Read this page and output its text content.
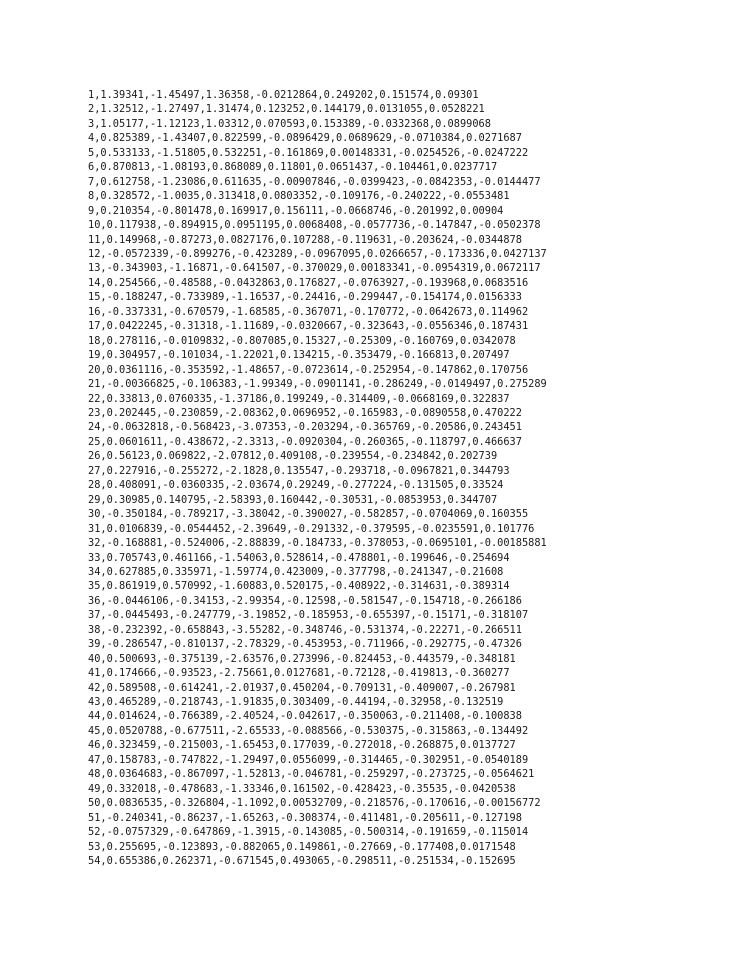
1,1.39341,-1.45497,1.36358,-0.0212864,0.249202,0.151574,0.09301
2,1.32512,-1.27497,1.31474,0.123252,0.144179,0.0131055,0.0528221
3,1.05177,-1.12123,1.03312,0.070593,0.153389,-0.0332368,0.0899068
4,0.825389,-1.43407,0.822599,-0.0896429,0.0689629,-0.0710384,0.0271687
5,0.533133,-1.51805,0.532251,-0.161869,0.00148331,-0.0254526,-0.0247222
6,0.870813,-1.08193,0.868089,0.11801,0.0651437,-0.104461,0.0237717
7,0.612758,-1.23086,0.611635,-0.00907846,-0.0399423,-0.0842353,-0.0144477
8,0.328572,-1.0035,0.313418,0.0803352,-0.109176,-0.240222,-0.0553481
9,0.210354,-0.801478,0.169917,0.156111,-0.0668746,-0.201992,0.00904
10,0.117938,-0.894915,0.0951195,0.0068408,-0.0577736,-0.147847,-0.0502378
11,0.149968,-0.87273,0.0827176,0.107288,-0.119631,-0.203624,-0.0344878
12,-0.0572339,-0.899276,-0.423289,-0.0967095,0.0266657,-0.173336,0.0427137
13,-0.343903,-1.16871,-0.641507,-0.370029,0.00183341,-0.0954319,0.0672117
14,0.254566,-0.48588,-0.0432863,0.176827,-0.0763927,-0.193968,0.0683516
15,-0.188247,-0.733989,-1.16537,-0.24416,-0.299447,-0.154174,0.0156333
16,-0.337331,-0.670579,-1.68585,-0.367071,-0.170772,-0.0642673,0.114962
17,0.0422245,-0.31318,-1.11689,-0.0320667,-0.323643,-0.0556346,0.187431
18,0.278116,-0.0109832,-0.807085,0.15327,-0.25309,-0.160769,0.0342078
19,0.304957,-0.101034,-1.22021,0.134215,-0.353479,-0.166813,0.207497
20,0.0361116,-0.353592,-1.48657,-0.0723614,-0.252954,-0.147862,0.170756
21,-0.00366825,-0.106383,-1.99349,-0.0901141,-0.286249,-0.0149497,0.275289
22,0.33813,0.0760335,-1.37186,0.199249,-0.314409,-0.0668169,0.322837
23,0.202445,-0.230859,-2.08362,0.0696952,-0.165983,-0.0890558,0.470222
24,-0.0632818,-0.568423,-3.07353,-0.203294,-0.365769,-0.20586,0.243451
25,0.0601611,-0.438672,-2.3313,-0.0920304,-0.260365,-0.118797,0.466637
26,0.56123,0.069822,-2.07812,0.409108,-0.239554,-0.234842,0.202739
27,0.227916,-0.255272,-2.1828,0.135547,-0.293718,-0.0967821,0.344793
28,0.408091,-0.0360335,-2.03674,0.29249,-0.277224,-0.131505,0.33524
29,0.30985,0.140795,-2.58393,0.160442,-0.30531,-0.0853953,0.344707
30,-0.350184,-0.789217,-3.38042,-0.390027,-0.582857,-0.0704069,0.160355
31,0.0106839,-0.0544452,-2.39649,-0.291332,-0.379595,-0.0235591,0.101776
32,-0.168881,-0.524006,-2.88839,-0.184733,-0.378053,-0.0695101,-0.00185881
33,0.705743,0.461166,-1.54063,0.528614,-0.478801,-0.199646,-0.254694
34,0.627885,0.335971,-1.59774,0.423009,-0.377798,-0.241347,-0.21608
35,0.861919,0.570992,-1.60883,0.520175,-0.408922,-0.314631,-0.389314
36,-0.0446106,-0.34153,-2.99354,-0.12598,-0.581547,-0.154718,-0.266186
37,-0.0445493,-0.247779,-3.19852,-0.185953,-0.655397,-0.15171,-0.318107
38,-0.232392,-0.658843,-3.55282,-0.348746,-0.531374,-0.22271,-0.266511
39,-0.286547,-0.810137,-2.78329,-0.453953,-0.711966,-0.292775,-0.47326
40,0.500693,-0.375139,-2.63576,0.273996,-0.824453,-0.443579,-0.348181
41,0.174666,-0.93523,-2.75661,0.0127681,-0.72128,-0.419813,-0.360277
42,0.589508,-0.614241,-2.01937,0.450204,-0.709131,-0.409007,-0.267981
43,0.465289,-0.218743,-1.91835,0.303409,-0.44194,-0.32958,-0.132519
44,0.014624,-0.766389,-2.40524,-0.042617,-0.350063,-0.211408,-0.100838
45,0.0520788,-0.677511,-2.65533,-0.088566,-0.530375,-0.315863,-0.134492
46,0.323459,-0.215003,-1.65453,0.177039,-0.272018,-0.268875,0.0137727
47,0.158783,-0.747822,-1.29497,0.0556099,-0.314465,-0.302951,-0.0540189
48,0.0364683,-0.867097,-1.52813,-0.046781,-0.259297,-0.273725,-0.0564621
49,0.332018,-0.478683,-1.33346,0.161502,-0.428423,-0.35535,-0.0420538
50,0.0836535,-0.326804,-1.1092,0.00532709,-0.218576,-0.170616,-0.00156772
51,-0.240341,-0.86237,-1.65263,-0.308374,-0.411481,-0.205611,-0.127198
52,-0.0757329,-0.647869,-1.3915,-0.143085,-0.500314,-0.191659,-0.115014
53,0.255695,-0.123893,-0.882065,0.149861,-0.27669,-0.177408,0.0171548
54,0.655386,0.262371,-0.671545,0.493065,-0.298511,-0.251534,-0.152695
